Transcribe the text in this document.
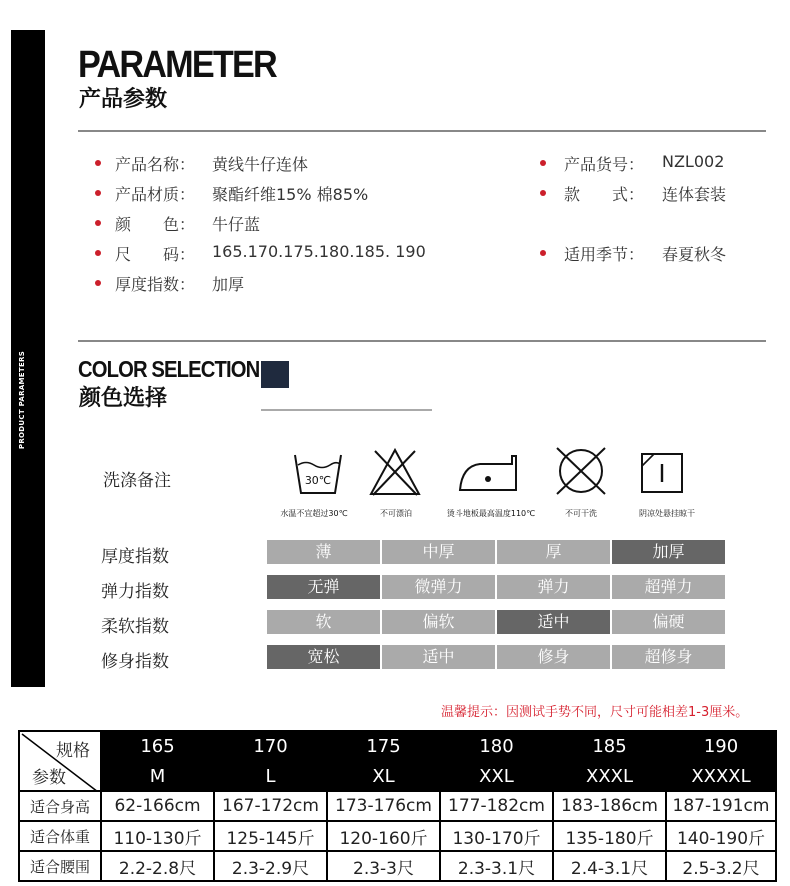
PRODUCT PARAMETERS
PARAMETER
产品参数
产品名称： 黄线牛仔连体
产品材质： 聚酯纤维15% 棉85%
颜　　色： 牛仔蓝
尺　　码： 165.170.175.180.185. 190
厚度指数： 加厚
产品货号： NZL002
款　　式： 连体套装
适用季节： 春夏秋冬
COLOR SELECTION
颜色选择
洗涤备注	30℃
水温不宜超过30℃	不可漂泊	烫斗地板最高温度110℃	不可干洗	阴凉处悬挂晾干
厚度指数	薄	中厚	厚	加厚
弹力指数	无弹	微弹力	弹力	超弹力
柔软指数	软	偏软	适中	偏硬
修身指数	宽松	适中	修身	超修身
温馨提示：因测试手势不同，尺寸可能相差1-3厘米。
规格
参数	165	170	175	180	185	190
	M	L	XL	XXL	XXXL	XXXXL
适合身高	62-166cm	167-172cm	173-176cm	177-182cm	183-186cm	187-191cm
适合体重	110-130斤	125-145斤	120-160斤	130-170斤	135-180斤	140-190斤
适合腰围	2.2-2.8尺	2.3-2.9尺	2.3-3尺	2.3-3.1尺	2.4-3.1尺	2.5-3.2尺
